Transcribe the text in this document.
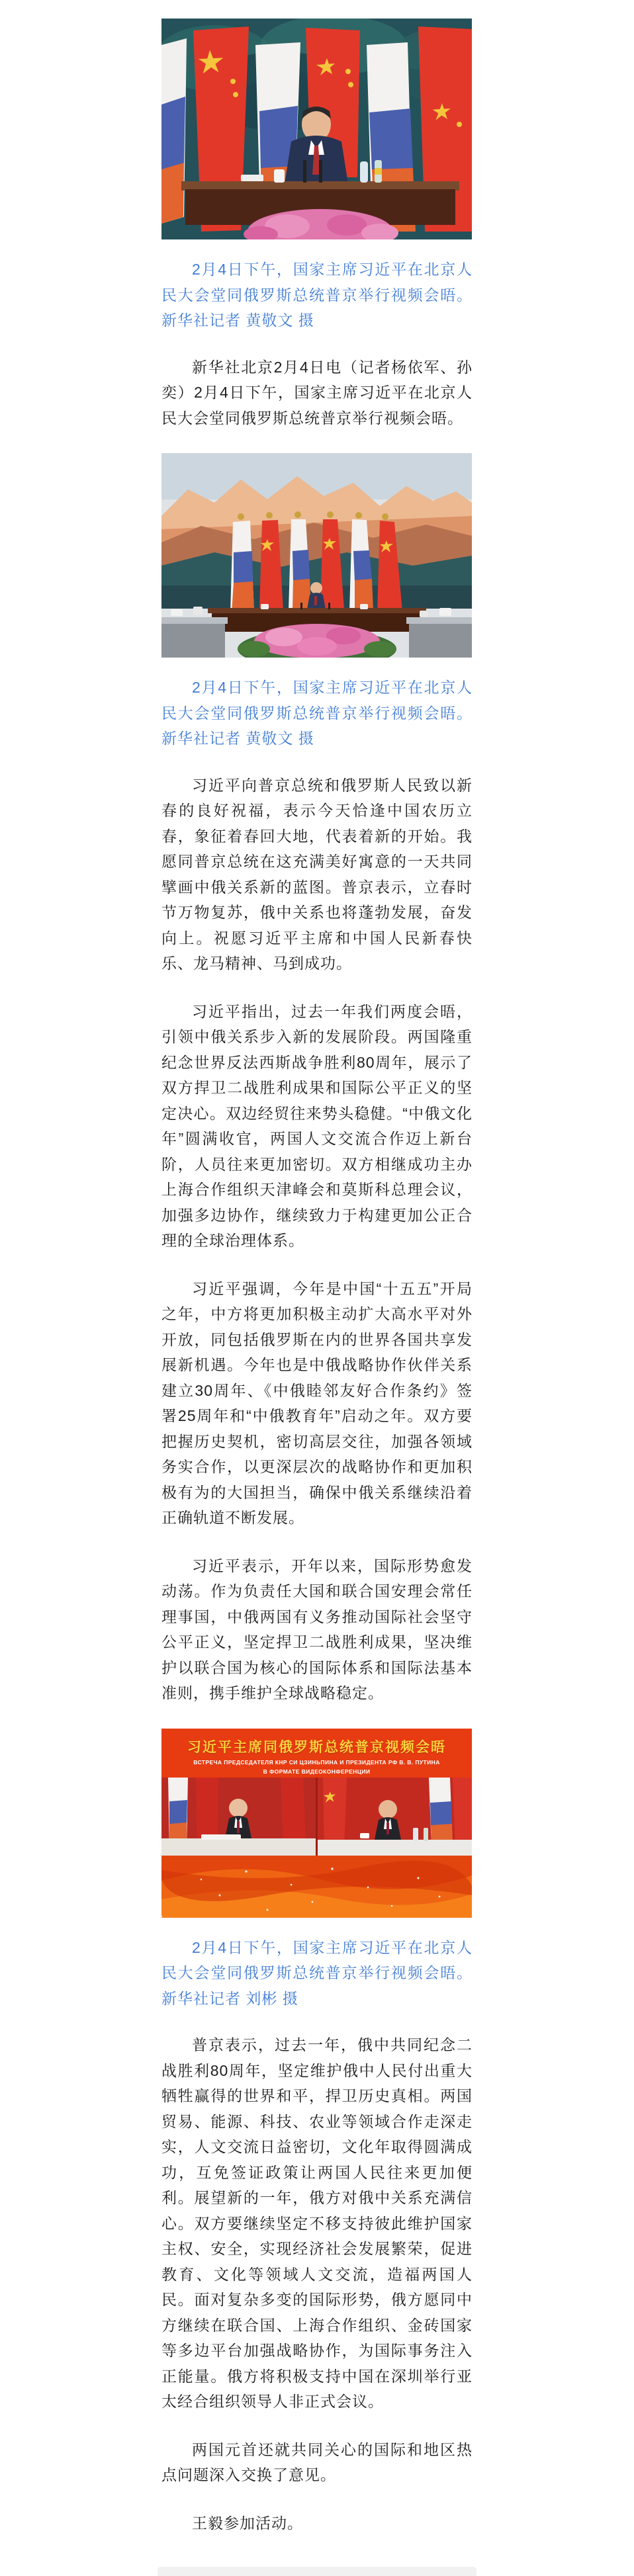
2月4日下午，国家主席习近平在北京人民大会堂同俄罗斯总统普京举行视频会晤。新华社记者 黄敬文 摄

新华社北京2月4日电（记者杨依军、孙奕）2月4日下午，国家主席习近平在北京人民大会堂同俄罗斯总统普京举行视频会晤。

2月4日下午，国家主席习近平在北京人民大会堂同俄罗斯总统普京举行视频会晤。新华社记者 黄敬文 摄

习近平向普京总统和俄罗斯人民致以新春的良好祝福，表示今天恰逢中国农历立春，象征着春回大地，代表着新的开始。我愿同普京总统在这充满美好寓意的一天共同擘画中俄关系新的蓝图。普京表示，立春时节万物复苏，俄中关系也将蓬勃发展，奋发向上。祝愿习近平主席和中国人民新春快乐、龙马精神、马到成功。

习近平指出，过去一年我们两度会晤，引领中俄关系步入新的发展阶段。两国隆重纪念世界反法西斯战争胜利80周年，展示了双方捍卫二战胜利成果和国际公平正义的坚定决心。双边经贸往来势头稳健。“中俄文化年”圆满收官，两国人文交流合作迈上新台阶，人员往来更加密切。双方相继成功主办上海合作组织天津峰会和莫斯科总理会议，加强多边协作，继续致力于构建更加公正合理的全球治理体系。

习近平强调，今年是中国“十五五”开局之年，中方将更加积极主动扩大高水平对外开放，同包括俄罗斯在内的世界各国共享发展新机遇。今年也是中俄战略协作伙伴关系建立30周年、《中俄睦邻友好合作条约》签署25周年和“中俄教育年”启动之年。双方要把握历史契机，密切高层交往，加强各领域务实合作，以更深层次的战略协作和更加积极有为的大国担当，确保中俄关系继续沿着正确轨道不断发展。

习近平表示，开年以来，国际形势愈发动荡。作为负责任大国和联合国安理会常任理事国，中俄两国有义务推动国际社会坚守公平正义，坚定捍卫二战胜利成果，坚决维护以联合国为核心的国际体系和国际法基本准则，携手维护全球战略稳定。

习近平主席同俄罗斯总统普京视频会晤
ВСТРЕЧА ПРЕДСЕДАТЕЛЯ КНР СИ ЦЗИНЬПИНА И ПРЕЗИДЕНТА РФ В. В. ПУТИНА
В ФОРМАТЕ ВИДЕОКОНФЕРЕНЦИИ

2月4日下午，国家主席习近平在北京人民大会堂同俄罗斯总统普京举行视频会晤。新华社记者 刘彬 摄

普京表示，过去一年，俄中共同纪念二战胜利80周年，坚定维护俄中人民付出重大牺牲赢得的世界和平，捍卫历史真相。两国贸易、能源、科技、农业等领域合作走深走实，人文交流日益密切，文化年取得圆满成功，互免签证政策让两国人民往来更加便利。展望新的一年，俄方对俄中关系充满信心。双方要继续坚定不移支持彼此维护国家主权、安全，实现经济社会发展繁荣，促进教育、文化等领域人文交流，造福两国人民。面对复杂多变的国际形势，俄方愿同中方继续在联合国、上海合作组织、金砖国家等多边平台加强战略协作，为国际事务注入正能量。俄方将积极支持中国在深圳举行亚太经合组织领导人非正式会议。

两国元首还就共同关心的国际和地区热点问题深入交换了意见。

王毅参加活动。
